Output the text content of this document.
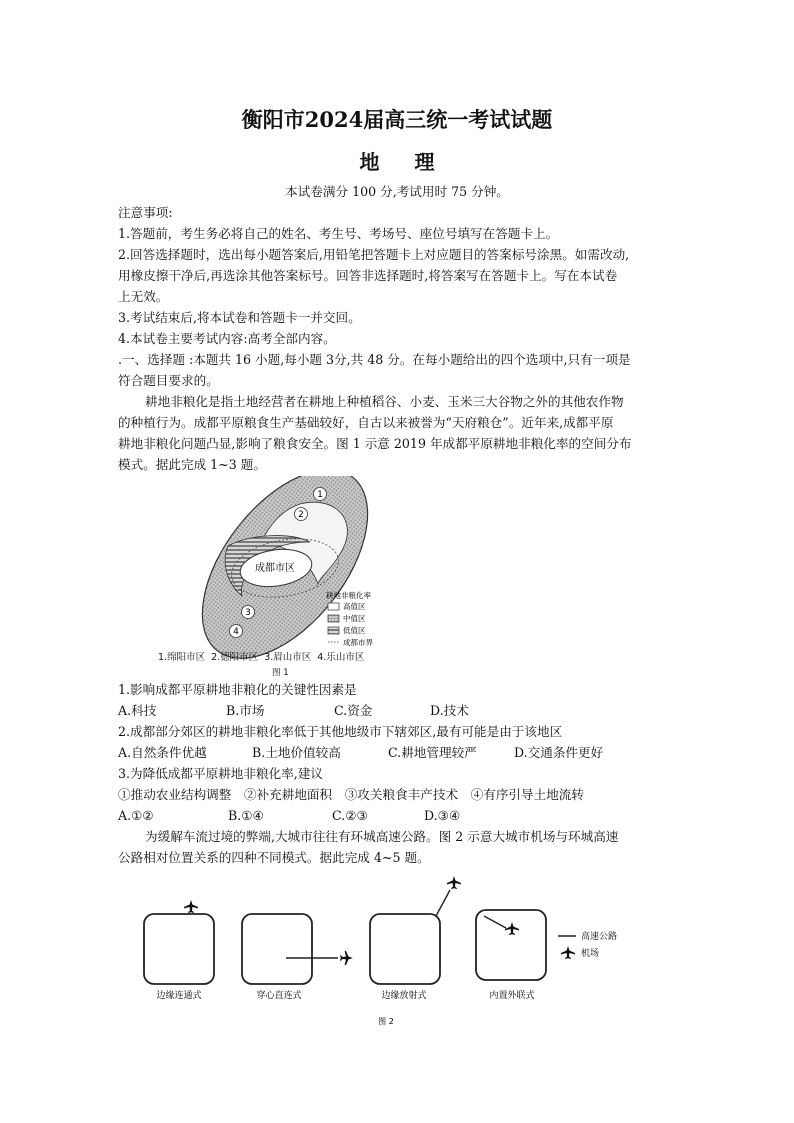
衡阳市2024届高三统一考试试题
地 理
本试卷满分 100 分,考试用时 75 分钟。
注意事项:
1.答题前，考生务必将自己的姓名、考生号、考场号、座位号填写在答题卡上。
2.回答选择题时，选出每小题答案后,用铅笔把答题卡上对应题目的答案标号涂黑。如需改动,
用橡皮擦干净后,再选涂其他答案标号。回答非选择题时,将答案写在答题卡上。写在本试卷
上无效。
3.考试结束后,将本试卷和答题卡一并交回。
4.本试卷主要考试内容:高考全部内容。
.一、选择题 :本题共 16 小题,每小题 3分,共 48 分。在每小题给出的四个选项中,只有一项是
符合题目要求的。
耕地非粮化是指土地经营者在耕地上种植稻谷、小麦、玉米三大谷物之外的其他农作物
的种植行为。成都平原粮食生产基础较好，自古以来被誉为“天府粮仓”。近年来,成都平原
耕地非粮化问题凸显,影响了粮食安全。图 1 示意 2019 年成都平原耕地非粮化率的空间分布
模式。据此完成 1~3 题。
1
2
3
4
成都市区
耕地非粮化率
高值区
中值区
低值区
成都市界
1.绵阳市区  2.德阳市区  3.眉山市区  4.乐山市区
图 1
1.影响成都平原耕地非粮化的关键性因素是
A.科技	B.市场	C.资金	D.技术
2.成都部分郊区的耕地非粮化率低于其他地级市下辖郊区,最有可能是由于该地区
A.自然条件优越	B.土地价值较高	C.耕地管理较严	D.交通条件更好
3.为降低成都平原耕地非粮化率,建议
①推动农业结构调整　②补充耕地面积　③攻关粮食丰产技术　④有序引导土地流转
A.①②	B.①④	C.②③	D.③④
为缓解车流过境的弊端,大城市往往有环城高速公路。图 2 示意大城市机场与环城高速
公路相对位置关系的四种不同模式。据此完成 4~5 题。
边缘连通式	穿心直连式	边缘放射式	内置外联式
高速公路
机场
图 2
